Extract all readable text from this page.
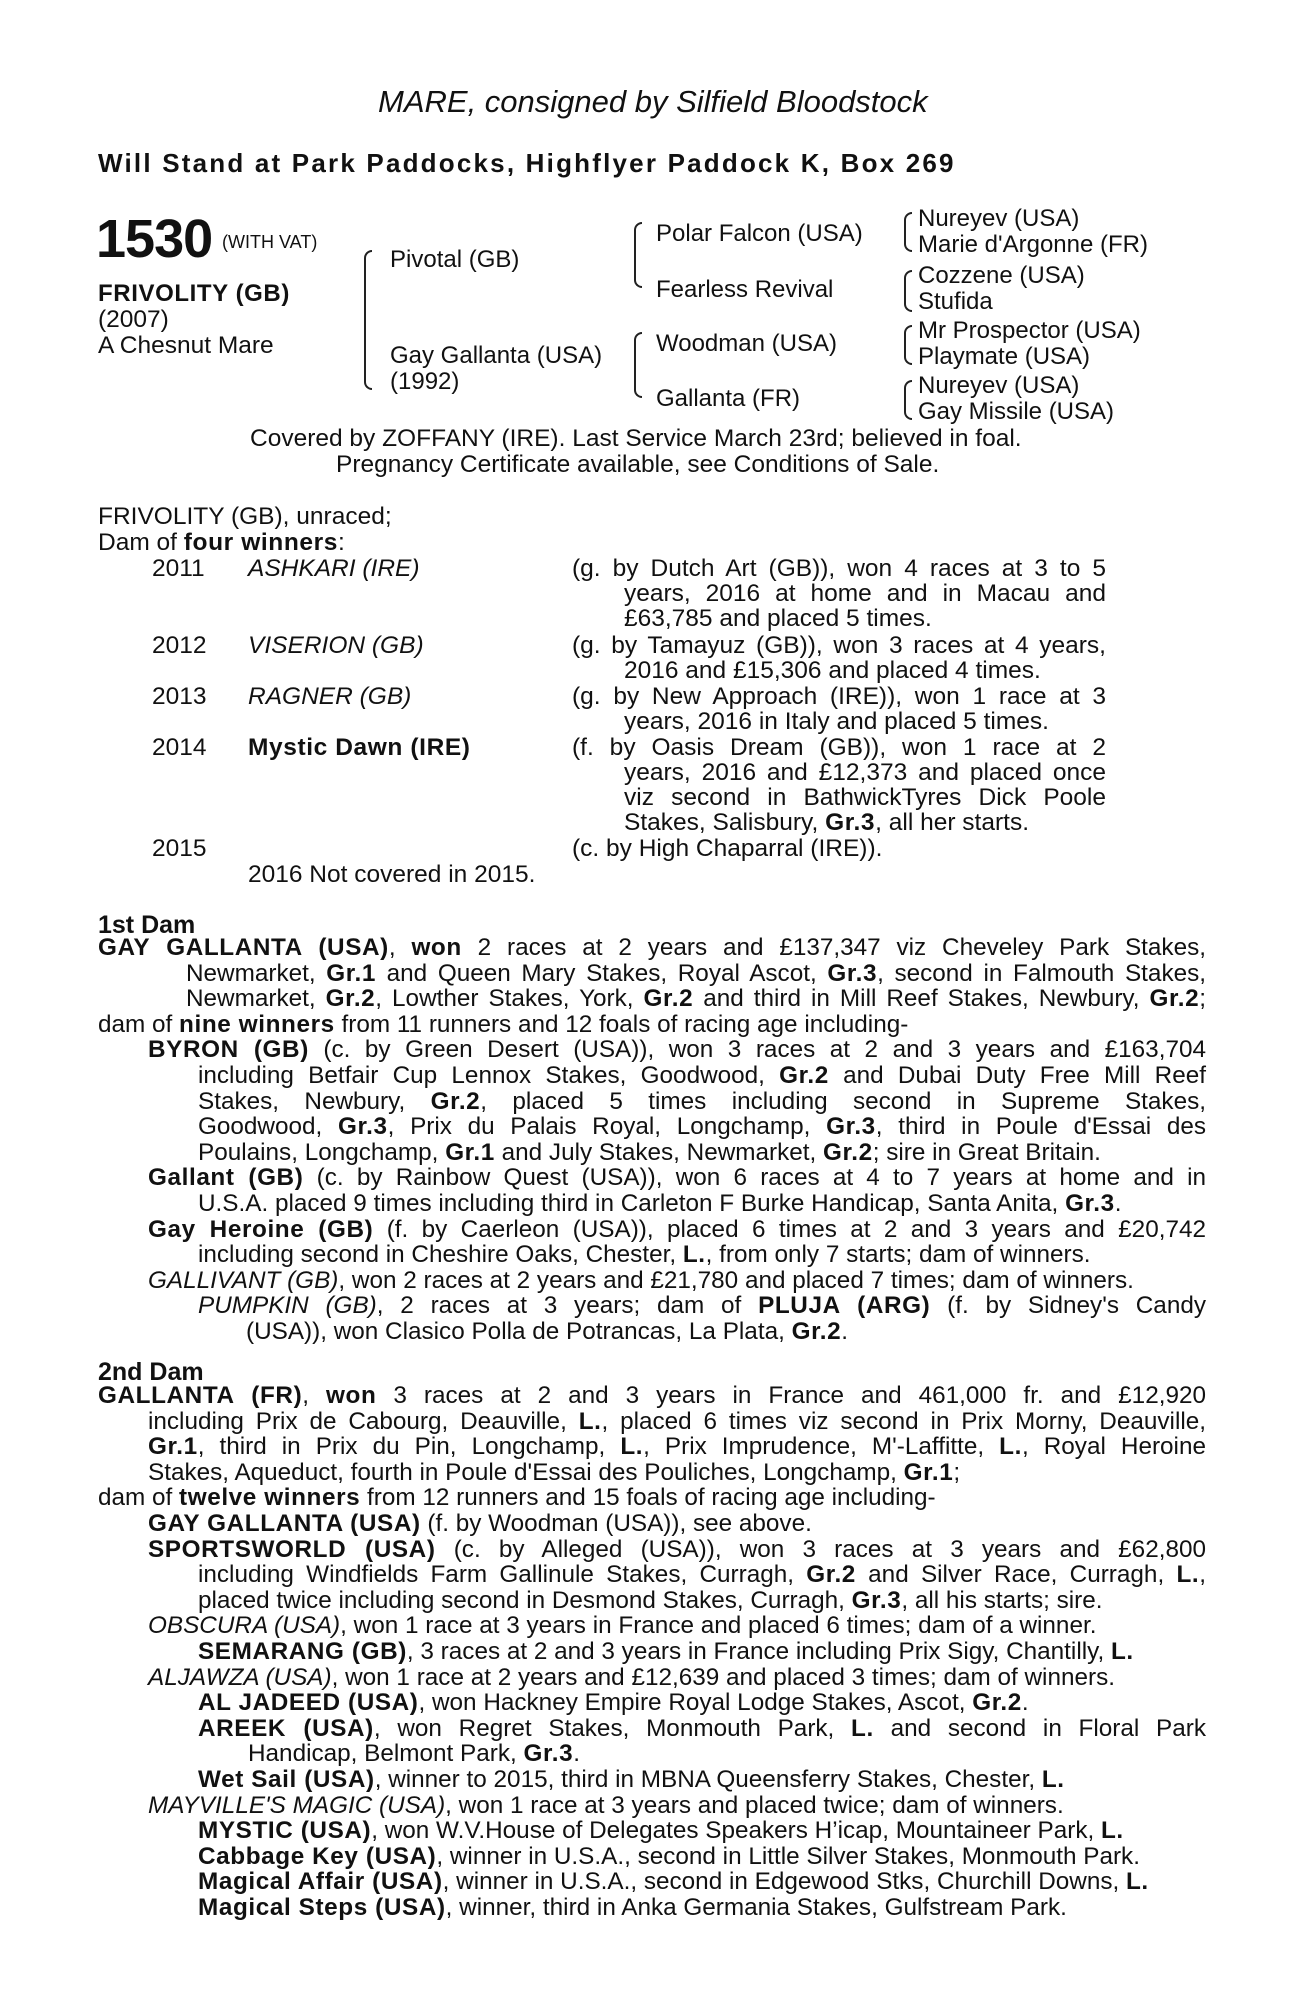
MARE, consigned by Silfield Bloodstock
Will Stand at Park Paddocks, Highflyer Paddock K, Box 269
1530 (WITH VAT)
FRIVOLITY (GB)
(2007)
A Chesnut Mare
Pivotal (GB)
Gay Gallanta (USA)
(1992)
Polar Falcon (USA)
Fearless Revival
Woodman (USA)
Gallanta (FR)
Nureyev (USA)
Marie d'Argonne (FR)
Cozzene (USA)
Stufida
Mr Prospector (USA)
Playmate (USA)
Nureyev (USA)
Gay Missile (USA)
Covered by ZOFFANY (IRE). Last Service March 23rd; believed in foal.
Pregnancy Certificate available, see Conditions of Sale.
FRIVOLITY (GB), unraced;
Dam of four winners:
2011 ASHKARI (IRE)	(g. by Dutch Art (GB)), won 4 races at 3 to 5
years, 2016 at home and in Macau and
£63,785 and placed 5 times.
2012 VISERION (GB)	(g. by Tamayuz (GB)), won 3 races at 4 years,
2016 and £15,306 and placed 4 times.
2013 RAGNER (GB)	(g. by New Approach (IRE)), won 1 race at 3
years, 2016 in Italy and placed 5 times.
2014 Mystic Dawn (IRE)	(f. by Oasis Dream (GB)), won 1 race at 2
years, 2016 and £12,373 and placed once
viz second in BathwickTyres Dick Poole
Stakes, Salisbury, Gr.3, all her starts.
2015	(c. by High Chaparral (IRE)).
2016 Not covered in 2015.
1st Dam
GAY GALLANTA (USA), won 2 races at 2 years and £137,347 viz Cheveley Park Stakes,
Newmarket, Gr.1 and Queen Mary Stakes, Royal Ascot, Gr.3, second in Falmouth Stakes,
Newmarket, Gr.2, Lowther Stakes, York, Gr.2 and third in Mill Reef Stakes, Newbury, Gr.2;
dam of nine winners from 11 runners and 12 foals of racing age including-
BYRON (GB) (c. by Green Desert (USA)), won 3 races at 2 and 3 years and £163,704
including Betfair Cup Lennox Stakes, Goodwood, Gr.2 and Dubai Duty Free Mill Reef
Stakes, Newbury, Gr.2, placed 5 times including second in Supreme Stakes,
Goodwood, Gr.3, Prix du Palais Royal, Longchamp, Gr.3, third in Poule d'Essai des
Poulains, Longchamp, Gr.1 and July Stakes, Newmarket, Gr.2; sire in Great Britain.
Gallant (GB) (c. by Rainbow Quest (USA)), won 6 races at 4 to 7 years at home and in
U.S.A. placed 9 times including third in Carleton F Burke Handicap, Santa Anita, Gr.3.
Gay Heroine (GB) (f. by Caerleon (USA)), placed 6 times at 2 and 3 years and £20,742
including second in Cheshire Oaks, Chester, L., from only 7 starts; dam of winners.
GALLIVANT (GB), won 2 races at 2 years and £21,780 and placed 7 times; dam of winners.
PUMPKIN (GB), 2 races at 3 years; dam of PLUJA (ARG) (f. by Sidney's Candy
(USA)), won Clasico Polla de Potrancas, La Plata, Gr.2.
2nd Dam
GALLANTA (FR), won 3 races at 2 and 3 years in France and 461,000 fr. and £12,920
including Prix de Cabourg, Deauville, L., placed 6 times viz second in Prix Morny, Deauville,
Gr.1, third in Prix du Pin, Longchamp, L., Prix Imprudence, M'-Laffitte, L., Royal Heroine
Stakes, Aqueduct, fourth in Poule d'Essai des Pouliches, Longchamp, Gr.1;
dam of twelve winners from 12 runners and 15 foals of racing age including-
GAY GALLANTA (USA) (f. by Woodman (USA)), see above.
SPORTSWORLD (USA) (c. by Alleged (USA)), won 3 races at 3 years and £62,800
including Windfields Farm Gallinule Stakes, Curragh, Gr.2 and Silver Race, Curragh, L.,
placed twice including second in Desmond Stakes, Curragh, Gr.3, all his starts; sire.
OBSCURA (USA), won 1 race at 3 years in France and placed 6 times; dam of a winner.
SEMARANG (GB), 3 races at 2 and 3 years in France including Prix Sigy, Chantilly, L.
ALJAWZA (USA), won 1 race at 2 years and £12,639 and placed 3 times; dam of winners.
AL JADEED (USA), won Hackney Empire Royal Lodge Stakes, Ascot, Gr.2.
AREEK (USA), won Regret Stakes, Monmouth Park, L. and second in Floral Park
Handicap, Belmont Park, Gr.3.
Wet Sail (USA), winner to 2015, third in MBNA Queensferry Stakes, Chester, L.
MAYVILLE'S MAGIC (USA), won 1 race at 3 years and placed twice; dam of winners.
MYSTIC (USA), won W.V.House of Delegates Speakers H’icap, Mountaineer Park, L.
Cabbage Key (USA), winner in U.S.A., second in Little Silver Stakes, Monmouth Park.
Magical Affair (USA), winner in U.S.A., second in Edgewood Stks, Churchill Downs, L.
Magical Steps (USA), winner, third in Anka Germania Stakes, Gulfstream Park.
